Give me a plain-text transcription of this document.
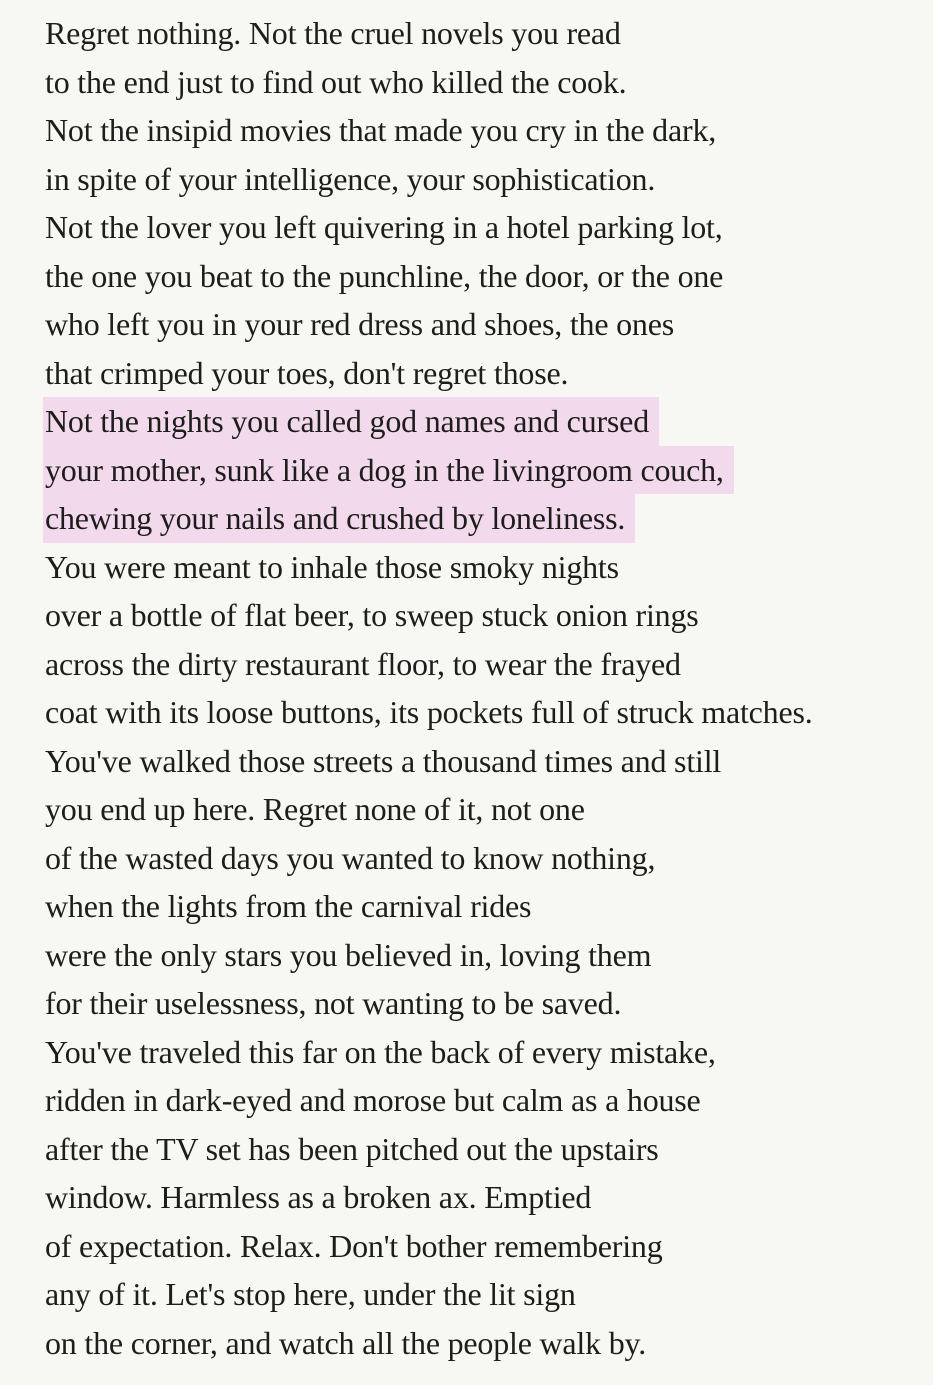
Regret nothing. Not the cruel novels you read
to the end just to find out who killed the cook.
Not the insipid movies that made you cry in the dark,
in spite of your intelligence, your sophistication.
Not the lover you left quivering in a hotel parking lot,
the one you beat to the punchline, the door, or the one
who left you in your red dress and shoes, the ones
that crimped your toes, don't regret those.
Not the nights you called god names and cursed
your mother, sunk like a dog in the livingroom couch,
chewing your nails and crushed by loneliness.
You were meant to inhale those smoky nights
over a bottle of flat beer, to sweep stuck onion rings
across the dirty restaurant floor, to wear the frayed
coat with its loose buttons, its pockets full of struck matches.
You've walked those streets a thousand times and still
you end up here. Regret none of it, not one
of the wasted days you wanted to know nothing,
when the lights from the carnival rides
were the only stars you believed in, loving them
for their uselessness, not wanting to be saved.
You've traveled this far on the back of every mistake,
ridden in dark-eyed and morose but calm as a house
after the TV set has been pitched out the upstairs
window. Harmless as a broken ax. Emptied
of expectation. Relax. Don't bother remembering
any of it. Let's stop here, under the lit sign
on the corner, and watch all the people walk by.
